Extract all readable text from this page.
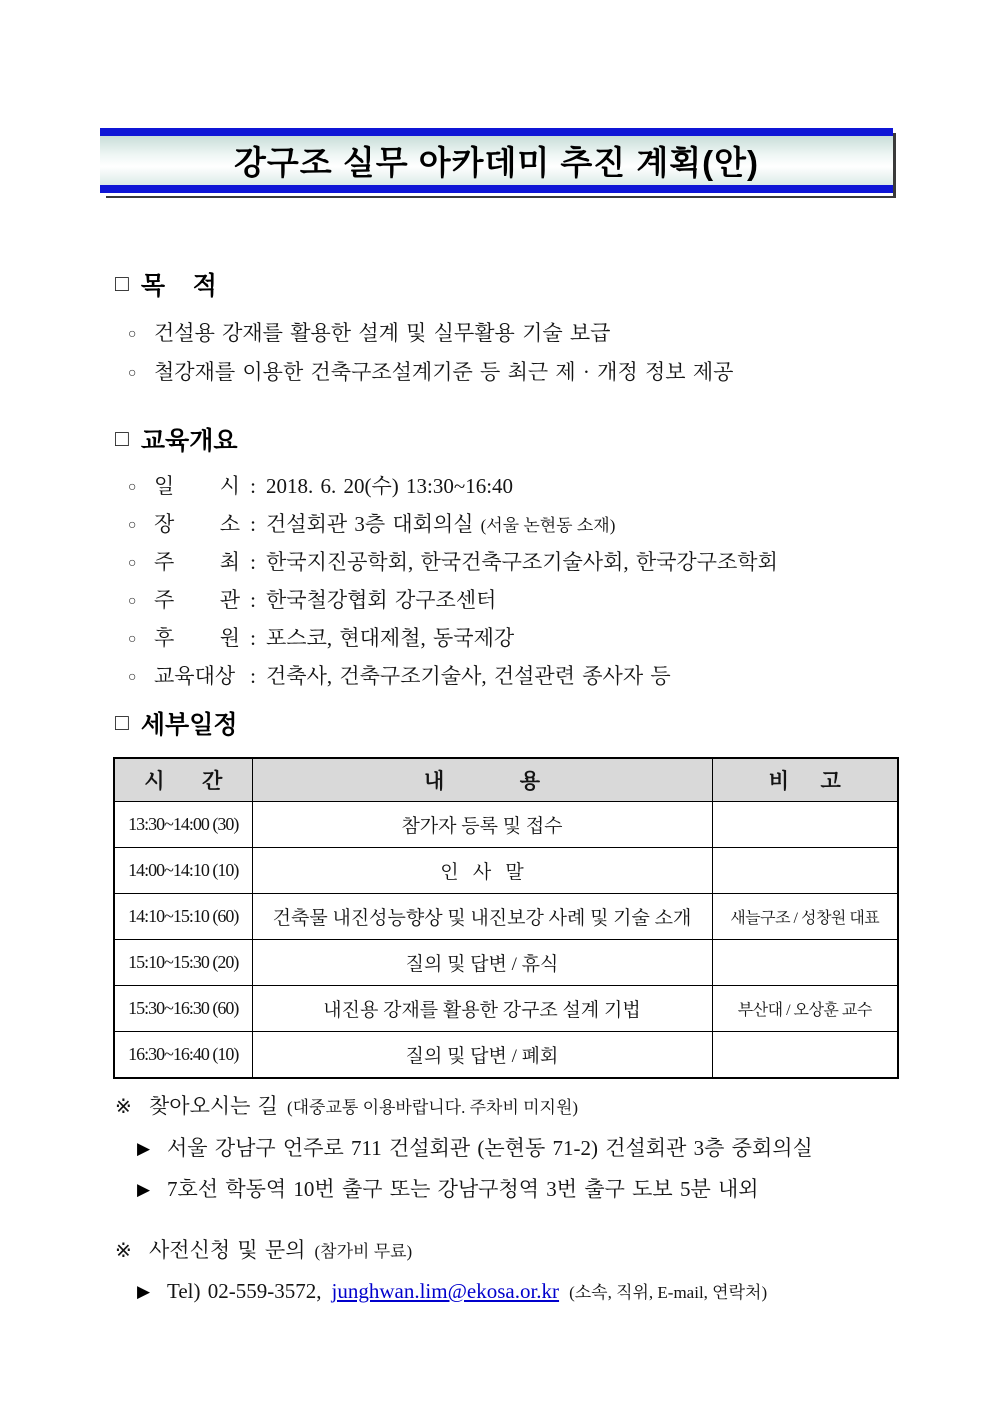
강구조 실무 아카데미 추진 계획(안)
□ 목 적
○ 건설용 강재를 활용한 설계 및 실무활용 기술 보급
○ 철강재를 이용한 건축구조설계기준 등 최근 제 · 개정 정보 제공
□ 교육개요
○ 일 시 : 2018. 6. 20(수) 13:30~16:40
○ 장 소 : 건설회관 3층 대회의실 (서울 논현동 소재)
○ 주 최 : 한국지진공학회, 한국건축구조기술사회, 한국강구조학회
○ 주 관 : 한국철강협회 강구조센터
○ 후 원 : 포스코, 현대제철, 동국제강
○ 교육대상 : 건축사, 건축구조기술사, 건설관련 종사자 등
□ 세부일정
시 간	내 용	비 고
13:30~14:00 (30)	참가자 등록 및 접수	
14:00~14:10 (10)	인   사   말	
14:10~15:10 (60)	건축물 내진성능향상 및 내진보강 사례 및 기술 소개	새늘구조 / 성창원 대표
15:10~15:30 (20)	질의 및 답변 / 휴식	
15:30~16:30 (60)	내진용 강재를 활용한 강구조 설계 기법	부산대 / 오상훈 교수
16:30~16:40 (10)	질의 및 답변 / 폐회	
※ 찾아오시는 길 (대중교통 이용바랍니다. 주차비 미지원)
▶ 서울 강남구 언주로 711 건설회관 (논현동 71-2) 건설회관 3층 중회의실
▶ 7호선 학동역 10번 출구 또는 강남구청역 3번 출구 도보 5분 내외
※ 사전신청 및 문의 (참가비 무료)
▶ Tel) 02-559-3572, junghwan.lim@ekosa.or.kr (소속, 직위, E-mail, 연락처)
